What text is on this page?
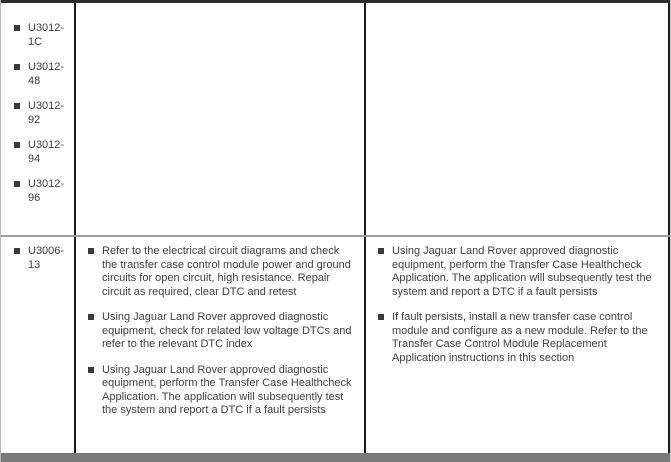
U3012-1C
U3012-48
U3012-92
U3012-94
U3012-96
U3006-13
Refer to the electrical circuit diagrams and check the transfer case control module power and ground circuits for open circuit, high resistance. Repair circuit as required, clear DTC and retest
Using Jaguar Land Rover approved diagnostic equipment, check for related low voltage DTCs and refer to the relevant DTC index
Using Jaguar Land Rover approved diagnostic equipment, perform the Transfer Case Healthcheck Application. The application will subsequently test the system and report a DTC if a fault persists
Using Jaguar Land Rover approved diagnostic equipment, perform the Transfer Case Healthcheck Application. The application will subsequently test the system and report a DTC if a fault persists
If fault persists, install a new transfer case control module and configure as a new module. Refer to the Transfer Case Control Module Replacement Application instructions in this section
